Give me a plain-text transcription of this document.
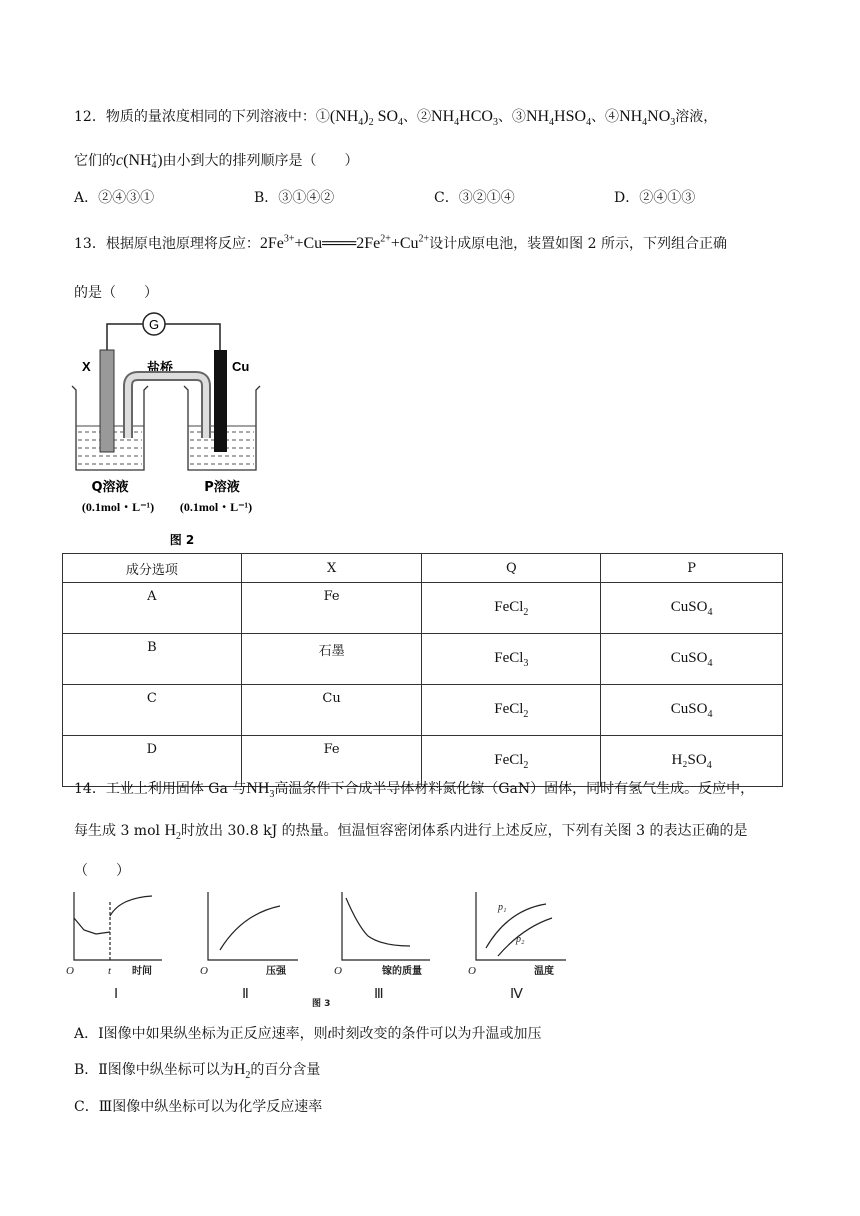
12．物质的量浓度相同的下列溶液中：$①(NH_4)_2$ $SO_4$、$②NH_4HCO_3$、$③NH_4HSO_4$、$④NH_4NO_3$溶液，
它们的c(NH +
4 )由小到大的排列顺序是（　　）
A．②④③①	B．③①④②	C．③②①④	D．②④①③
13．根据原电池原理将反应：$2Fe^{3+}+Cu═══2Fe^{2+}+Cu^{2+}$设计成原电池，装置如图 2 所示，下列组合正确
的是（　　）
G
X	Cu
盐桥
Q溶液	P溶液
(0.1mol・L⁻¹) (0.1mol・L⁻¹)
图 2
成分选项	X	Q	P
A	Fe	FeCl$_2$	CuSO$_4$
B	石墨	FeCl$_3$	CuSO$_4$
C	Cu	FeCl$_2$	CuSO$_4$
D	Fe	FeCl$_2$	$H_2SO_4$
14．工业上利用固体 Ga 与$NH_3$高温条件下合成半导体材料氮化镓（GaN）固体，同时有氢气生成。反应中，
每生成 3 mol $H_2$时放出 30.8 kJ 的热量。恒温恒容密闭体系内进行上述反应，下列有关图 3 的表达正确的是
（　　）
O	t 时间
Ⅰ
O	压强
Ⅱ
O	镓的质量
Ⅲ
O	温度
p₁
p₂
Ⅳ
图 3
A．Ⅰ图像中如果纵坐标为正反应速率，则t时刻改变的条件可以为升温或加压
B．Ⅱ图像中纵坐标可以为$H_2$的百分含量
C．Ⅲ图像中纵坐标可以为化学反应速率
